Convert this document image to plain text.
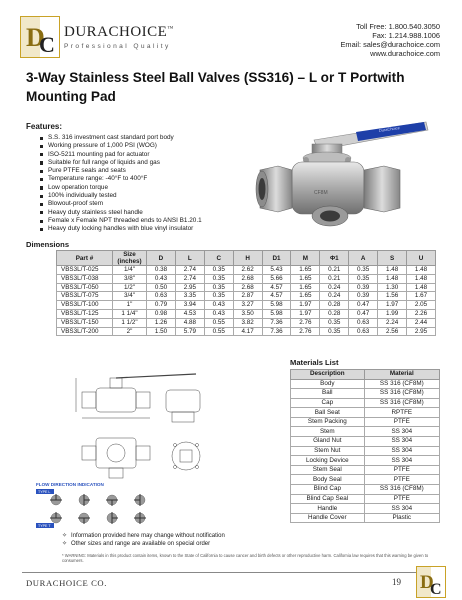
D
C DURACHOICE™
Professional Quality
Toll Free: 1.800.540.3050
Fax: 1.214.988.1006
Email: sales@durachoice.com
www.durachoice.com
3-Way Stainless Steel Ball Valves (SS316) – L or T Portwith Mounting Pad
Features:
S.S. 316 investment cast standard port body
Working pressure of 1,000 PSI (WOG)
ISO-5211 mounting pad for actuator
Suitable for full range of liquids and gas
Pure PTFE seals and seats
Temperature range: -40°F to 400°F
Low operation torque
100% individually tested
Blowout-proof stem
Heavy duty stainless steel handle
Female x Female NPT threaded ends to ANSI B1.20.1
Heavy duty locking handles with blue vinyl insulator
DuraChoice
CF8M
Dimensions
Part #	Size (inches)	D	L	C	H	D1	M	Φ1	A	S	U
VBS3L/T-025	1/4"	0.38	2.74	0.35	2.62	5.43	1.65	0.21	0.35	1.48	1.48
VBS3L/T-038	3/8"	0.43	2.74	0.35	2.68	5.66	1.65	0.21	0.35	1.48	1.48
VBS3L/T-050	1/2"	0.50	2.95	0.35	2.68	4.57	1.65	0.24	0.39	1.30	1.48
VBS3L/T-075	3/4"	0.63	3.35	0.35	2.87	4.57	1.65	0.24	0.39	1.56	1.67
VBS3L/T-100	1"	0.79	3.94	0.43	3.27	5.98	1.97	0.28	0.47	1.97	2.05
VBS3L/T-125	1 1/4"	0.98	4.53	0.43	3.50	5.98	1.97	0.28	0.47	1.99	2.26
VBS3L/T-150	1 1/2"	1.26	4.88	0.55	3.82	7.36	2.76	0.35	0.63	2.24	2.44
VBS3L/T-200	2"	1.50	5.79	0.55	4.17	7.36	2.76	0.35	0.63	2.56	2.95
FLOW DIRECTION INDICATION
TYPE L
TYPE T
Materials List
Description	Material
Body	SS 316 (CF8M)
Ball	SS 316 (CF8M)
Cap	SS 316 (CF8M)
Ball Seat	RPTFE
Stem Packing	PTFE
Stem	SS 304
Gland Nut	SS 304
Stem Nut	SS 304
Locking Device	SS 304
Stem Seal	PTFE
Body Seal	PTFE
Blind Cap	SS 316 (CF8M)
Blind Cap Seal	PTFE
Handle	SS 304
Handle Cover	Plastic
✧ Information provided here may change without notification
✧ Other sizes and range are available on special order
* WARNING: Materials in this product contain items, known to the State of California to cause cancer and birth defects or other reproductive harm. California law requires that this warning be given to consumers.
DURACHOICE CO.	19 D
C
